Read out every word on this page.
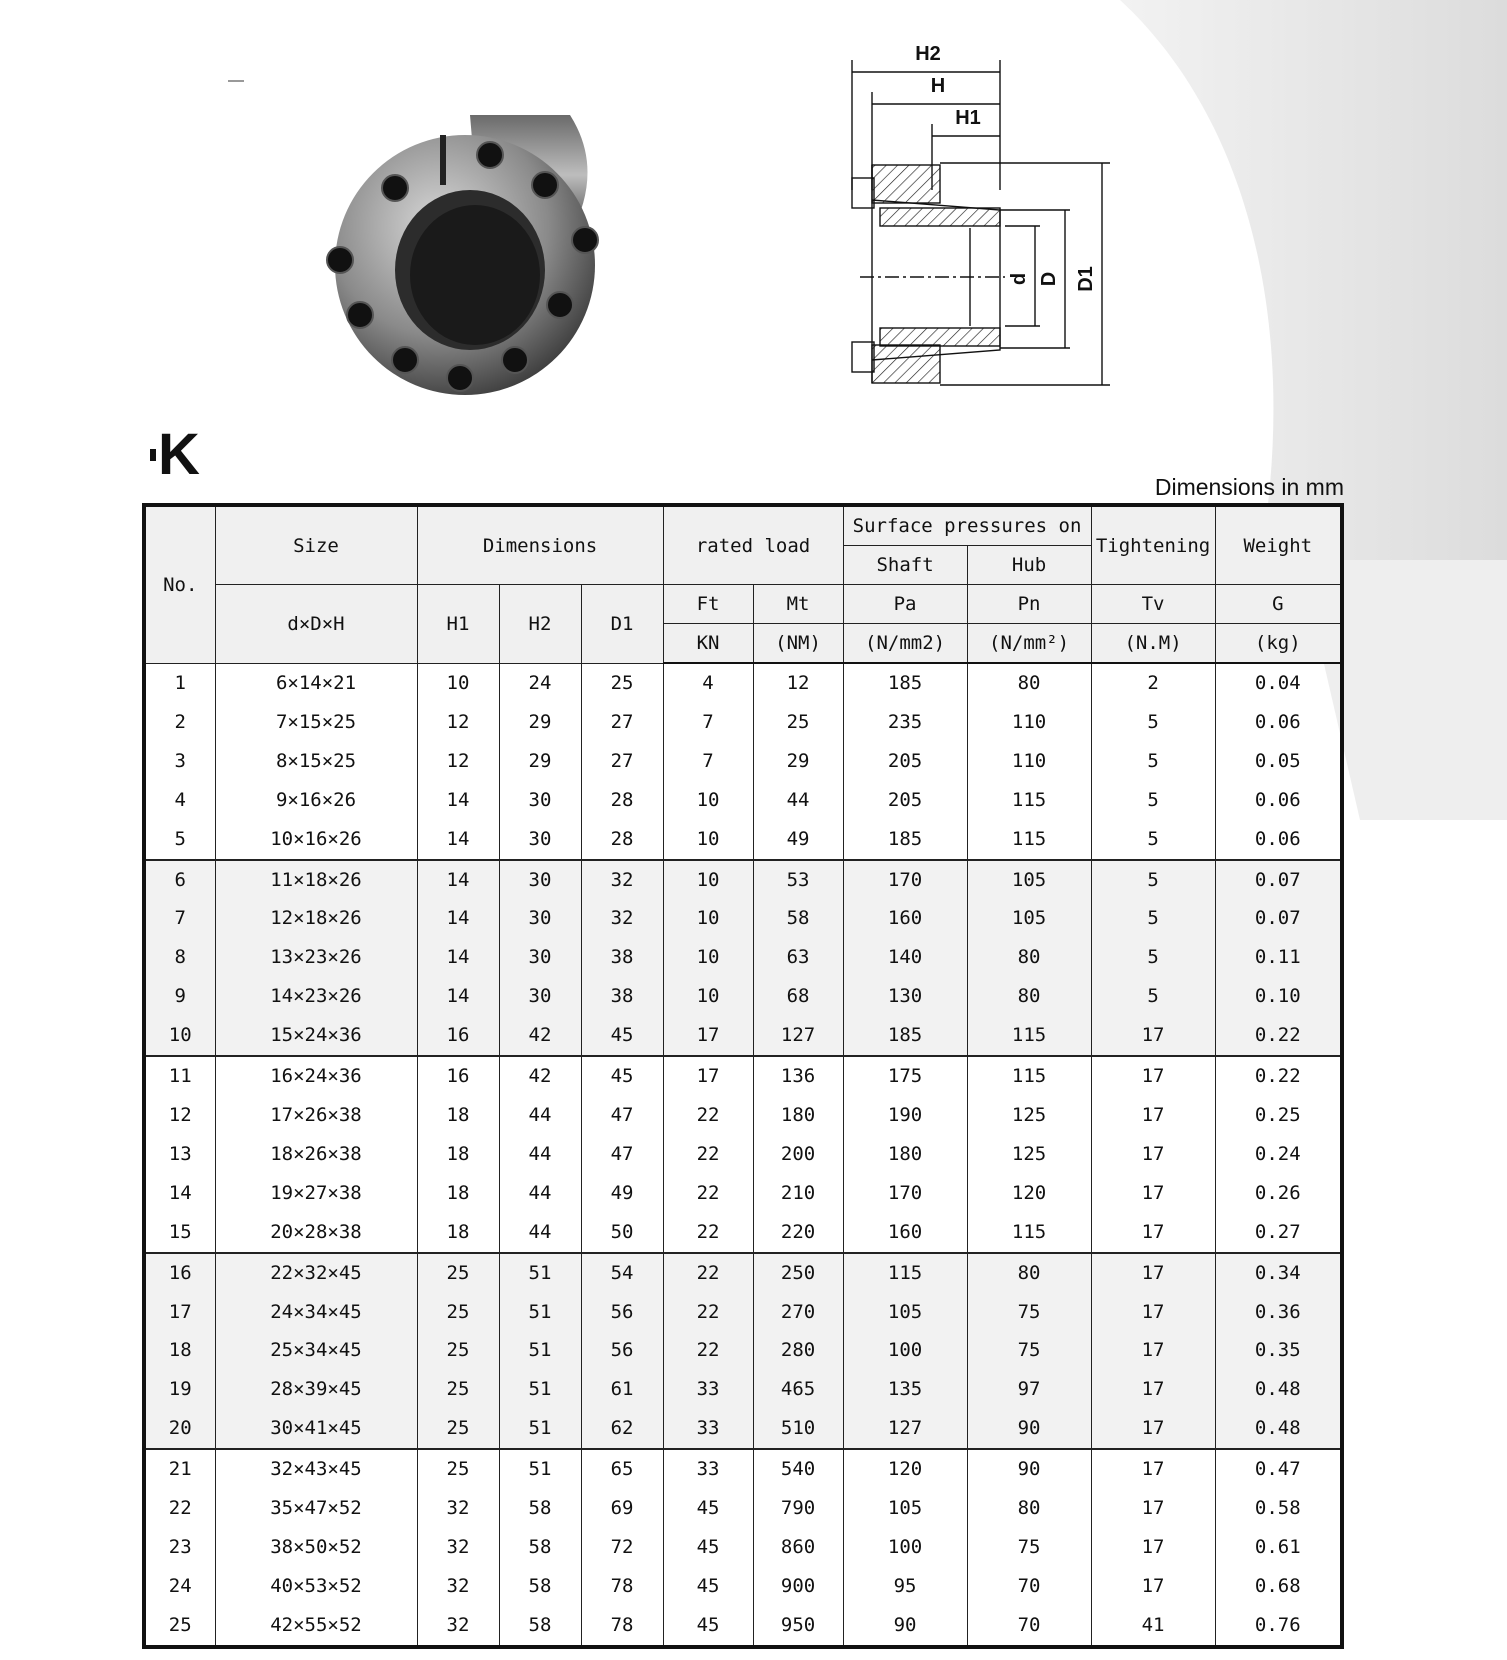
H2
H
H1
d D D1
K	Dimensions in mm
No.	Size	Dimensions			rated load		Surface pressures on		Tightening	Weight
							Shaft	Hub		
	d×D×H	H1	H2	D1	Ft	Mt	Pa	Pn	Tv	G
					KN	(NM)	(N/mm2)	(N/mm²)	(N.M)	(kg)
1	6×14×21	10	24	25	4	12	185	80	2	0.04
2	7×15×25	12	29	27	7	25	235	110	5	0.06
3	8×15×25	12	29	27	7	29	205	110	5	0.05
4	9×16×26	14	30	28	10	44	205	115	5	0.06
5	10×16×26	14	30	28	10	49	185	115	5	0.06
6	11×18×26	14	30	32	10	53	170	105	5	0.07
7	12×18×26	14	30	32	10	58	160	105	5	0.07
8	13×23×26	14	30	38	10	63	140	80	5	0.11
9	14×23×26	14	30	38	10	68	130	80	5	0.10
10	15×24×36	16	42	45	17	127	185	115	17	0.22
11	16×24×36	16	42	45	17	136	175	115	17	0.22
12	17×26×38	18	44	47	22	180	190	125	17	0.25
13	18×26×38	18	44	47	22	200	180	125	17	0.24
14	19×27×38	18	44	49	22	210	170	120	17	0.26
15	20×28×38	18	44	50	22	220	160	115	17	0.27
16	22×32×45	25	51	54	22	250	115	80	17	0.34
17	24×34×45	25	51	56	22	270	105	75	17	0.36
18	25×34×45	25	51	56	22	280	100	75	17	0.35
19	28×39×45	25	51	61	33	465	135	97	17	0.48
20	30×41×45	25	51	62	33	510	127	90	17	0.48
21	32×43×45	25	51	65	33	540	120	90	17	0.47
22	35×47×52	32	58	69	45	790	105	80	17	0.58
23	38×50×52	32	58	72	45	860	100	75	17	0.61
24	40×53×52	32	58	78	45	900	95	70	17	0.68
25	42×55×52	32	58	78	45	950	90	70	41	0.76
